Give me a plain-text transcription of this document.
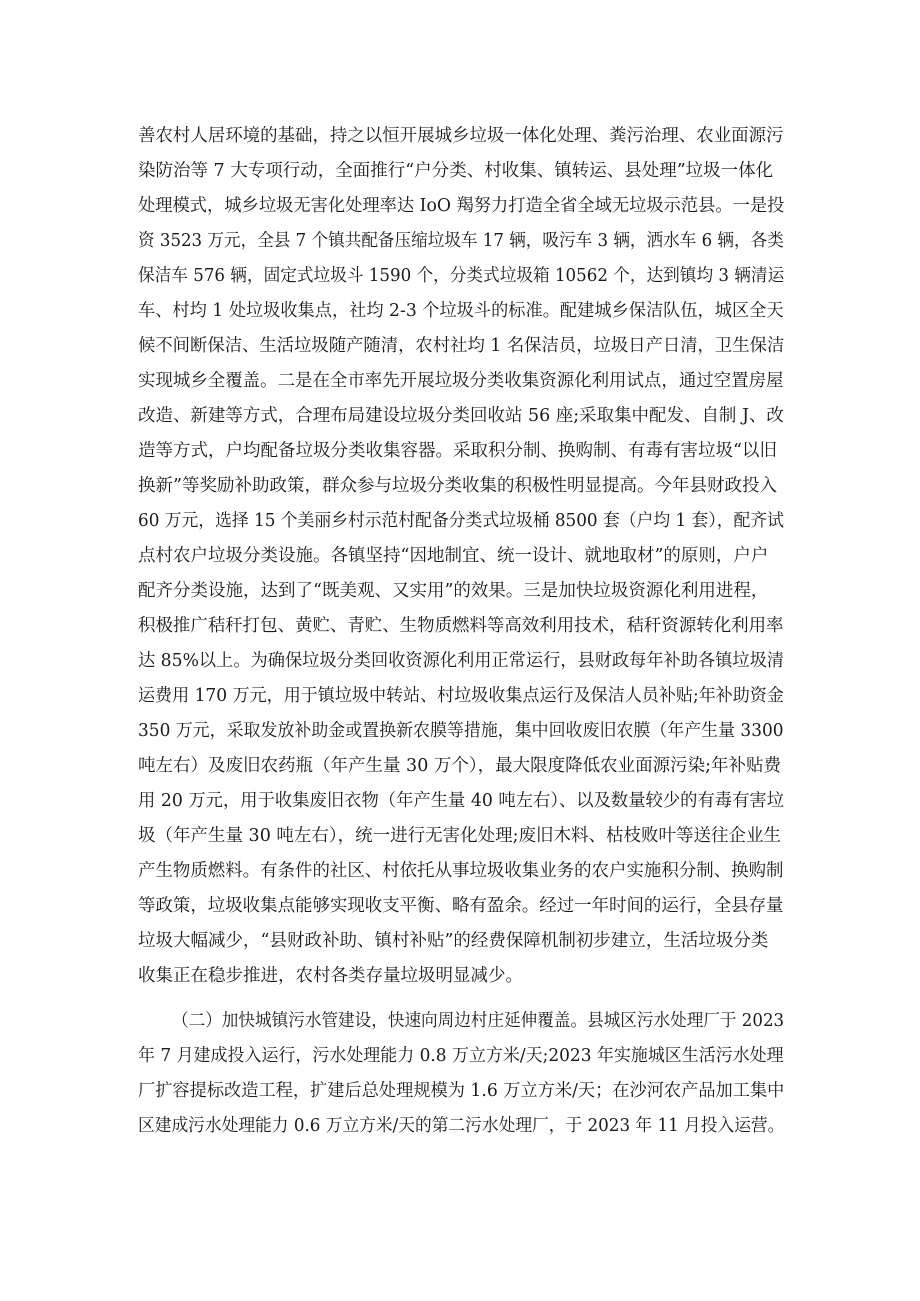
善农村人居环境的基础，持之以恒开展城乡垃圾一体化处理、粪污治理、农业面源污
染防治等 7 大专项行动，全面推行“户分类、村收集、镇转运、县处理”垃圾一体化
处理模式，城乡垃圾无害化处理率达 IoO 羯努力打造全省全域无垃圾示范县。一是投
资 3523 万元，全县 7 个镇共配备压缩垃圾车 17 辆，吸污车 3 辆，洒水车 6 辆，各类
保洁车 576 辆，固定式垃圾斗 1590 个，分类式垃圾箱 10562 个，达到镇均 3 辆清运
车、村均 1 处垃圾收集点，社均 2-3 个垃圾斗的标准。配建城乡保洁队伍，城区全天
候不间断保洁、生活垃圾随产随清，农村社均 1 名保洁员，垃圾日产日清，卫生保洁
实现城乡全覆盖。二是在全市率先开展垃圾分类收集资源化利用试点，通过空置房屋
改造、新建等方式，合理布局建设垃圾分类回收站 56 座;采取集中配发、自制 J、改
造等方式，户均配备垃圾分类收集容器。采取积分制、换购制、有毒有害垃圾“以旧
换新”等奖励补助政策，群众参与垃圾分类收集的积极性明显提高。今年县财政投入
60 万元，选择 15 个美丽乡村示范村配备分类式垃圾桶 8500 套（户均 1 套），配齐试
点村农户垃圾分类设施。各镇坚持“因地制宜、统一设计、就地取材”的原则，户户
配齐分类设施，达到了“既美观、又实用”的效果。三是加快垃圾资源化利用进程，
积极推广秸秆打包、黄贮、青贮、生物质燃料等高效利用技术，秸秆资源转化利用率
达 85%以上。为确保垃圾分类回收资源化利用正常运行，县财政每年补助各镇垃圾清
运费用 170 万元，用于镇垃圾中转站、村垃圾收集点运行及保洁人员补贴;年补助资金
350 万元，采取发放补助金或置换新农膜等措施，集中回收废旧农膜（年产生量 3300
吨左右）及废旧农药瓶（年产生量 30 万个），最大限度降低农业面源污染;年补贴费
用 20 万元，用于收集废旧衣物（年产生量 40 吨左右）、以及数量较少的有毒有害垃
圾（年产生量 30 吨左右），统一进行无害化处理;废旧木料、枯枝败叶等送往企业生
产生物质燃料。有条件的社区、村依托从事垃圾收集业务的农户实施积分制、换购制
等政策，垃圾收集点能够实现收支平衡、略有盈余。经过一年时间的运行，全县存量
垃圾大幅减少，“县财政补助、镇村补贴”的经费保障机制初步建立，生活垃圾分类
收集正在稳步推进，农村各类存量垃圾明显减少。
（二）加快城镇污水管建设，快速向周边村庄延伸覆盖。县城区污水处理厂于 2023
年 7 月建成投入运行，污水处理能力 0.8 万立方米/天;2023 年实施城区生活污水处理
厂扩容提标改造工程，扩建后总处理规模为 1.6 万立方米/天；在沙河农产品加工集中
区建成污水处理能力 0.6 万立方米/天的第二污水处理厂，于 2023 年 11 月投入运营。
